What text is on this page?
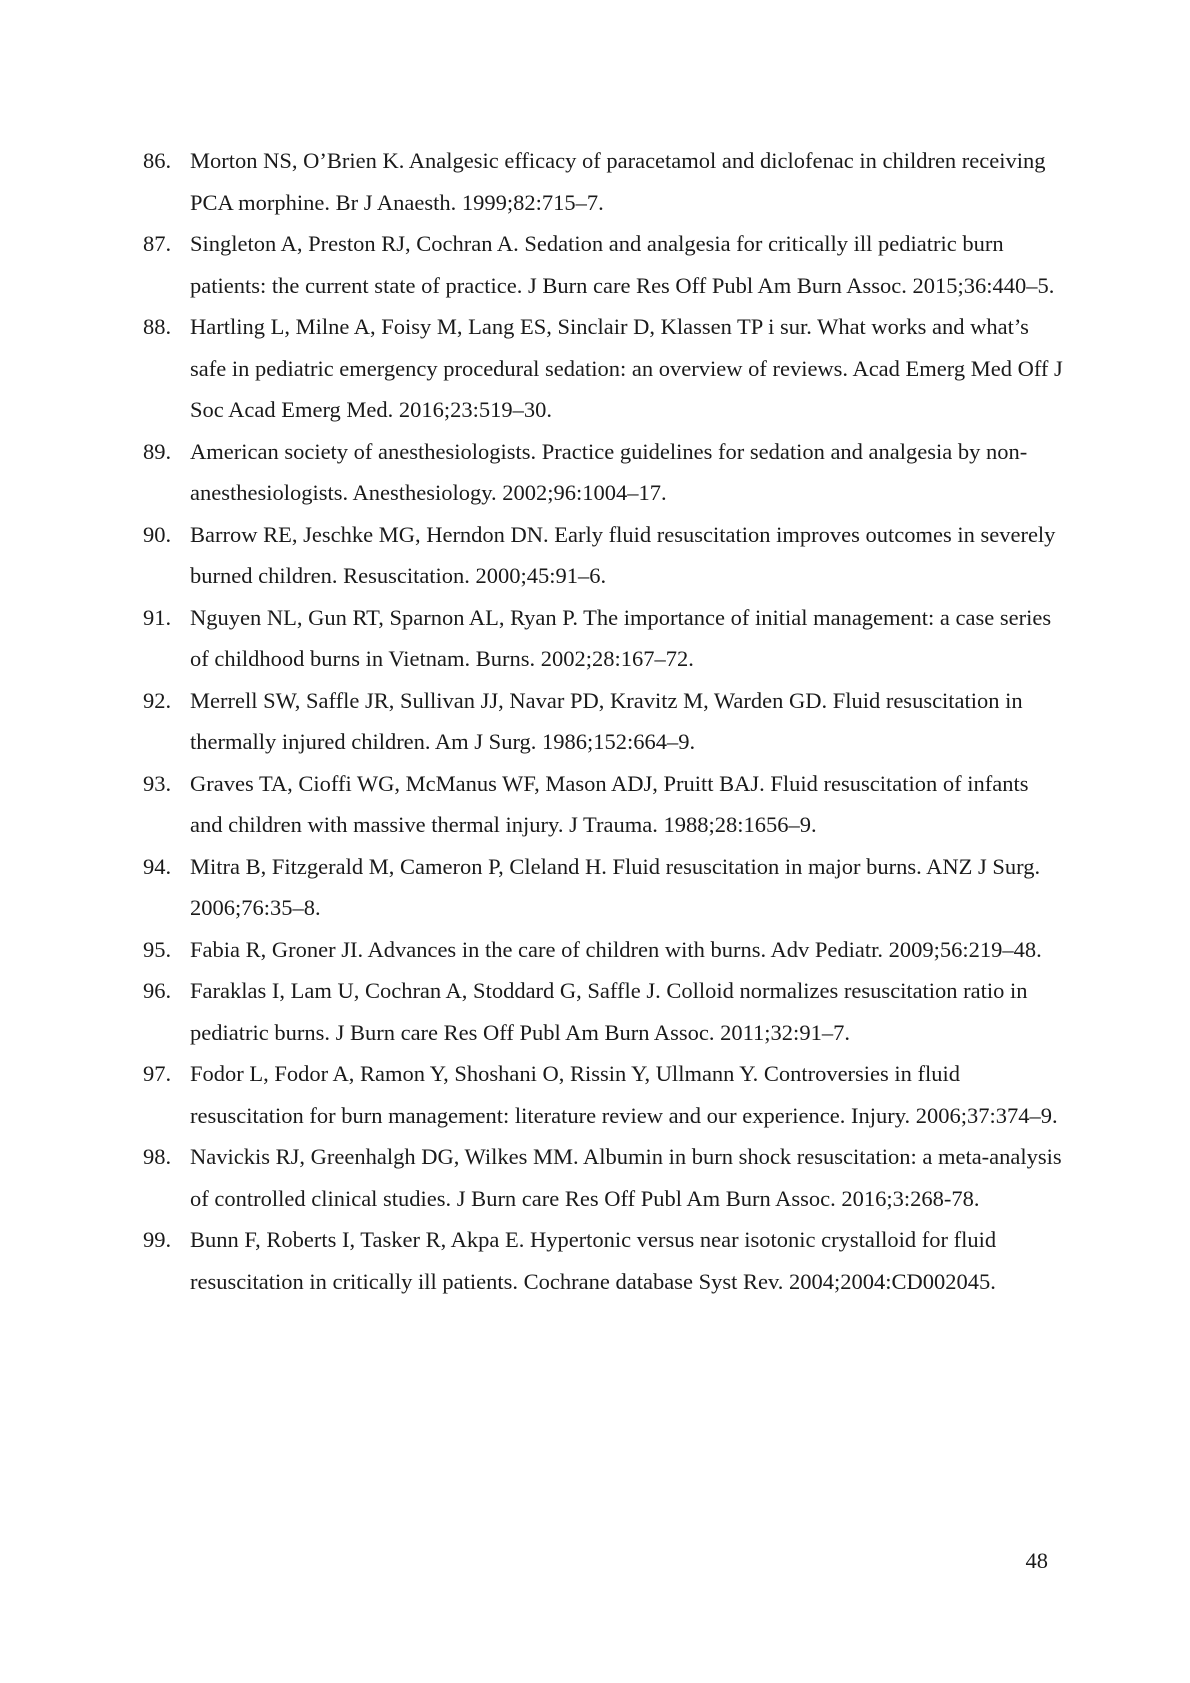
86. Morton NS, O’Brien K. Analgesic efficacy of paracetamol and diclofenac in children receiving PCA morphine. Br J Anaesth. 1999;82:715–7.
87. Singleton A, Preston RJ, Cochran A. Sedation and analgesia for critically ill pediatric burn patients: the current state of practice. J Burn care Res Off Publ Am Burn Assoc. 2015;36:440–5.
88. Hartling L, Milne A, Foisy M, Lang ES, Sinclair D, Klassen TP i sur. What works and what’s safe in pediatric emergency procedural sedation: an overview of reviews. Acad Emerg Med Off J Soc Acad Emerg Med. 2016;23:519–30.
89. American society of anesthesiologists. Practice guidelines for sedation and analgesia by non-anesthesiologists. Anesthesiology. 2002;96:1004–17.
90. Barrow RE, Jeschke MG, Herndon DN. Early fluid resuscitation improves outcomes in severely burned children. Resuscitation. 2000;45:91–6.
91. Nguyen NL, Gun RT, Sparnon AL, Ryan P. The importance of initial management: a case series of childhood burns in Vietnam. Burns. 2002;28:167–72.
92. Merrell SW, Saffle JR, Sullivan JJ, Navar PD, Kravitz M, Warden GD. Fluid resuscitation in thermally injured children. Am J Surg. 1986;152:664–9.
93. Graves TA, Cioffi WG, McManus WF, Mason ADJ, Pruitt BAJ. Fluid resuscitation of infants and children with massive thermal injury. J Trauma. 1988;28:1656–9.
94. Mitra B, Fitzgerald M, Cameron P, Cleland H. Fluid resuscitation in major burns. ANZ J Surg. 2006;76:35–8.
95. Fabia R, Groner JI. Advances in the care of children with burns. Adv Pediatr. 2009;56:219–48.
96. Faraklas I, Lam U, Cochran A, Stoddard G, Saffle J. Colloid normalizes resuscitation ratio in pediatric burns. J Burn care Res Off Publ Am Burn Assoc. 2011;32:91–7.
97. Fodor L, Fodor A, Ramon Y, Shoshani O, Rissin Y, Ullmann Y. Controversies in fluid resuscitation for burn management: literature review and our experience. Injury. 2006;37:374–9.
98. Navickis RJ, Greenhalgh DG, Wilkes MM. Albumin in burn shock resuscitation: a meta-analysis of controlled clinical studies. J Burn care Res Off Publ Am Burn Assoc. 2016;3:268-78.
99. Bunn F, Roberts I, Tasker R, Akpa E. Hypertonic versus near isotonic crystalloid for fluid resuscitation in critically ill patients. Cochrane database Syst Rev. 2004;2004:CD002045.
48
